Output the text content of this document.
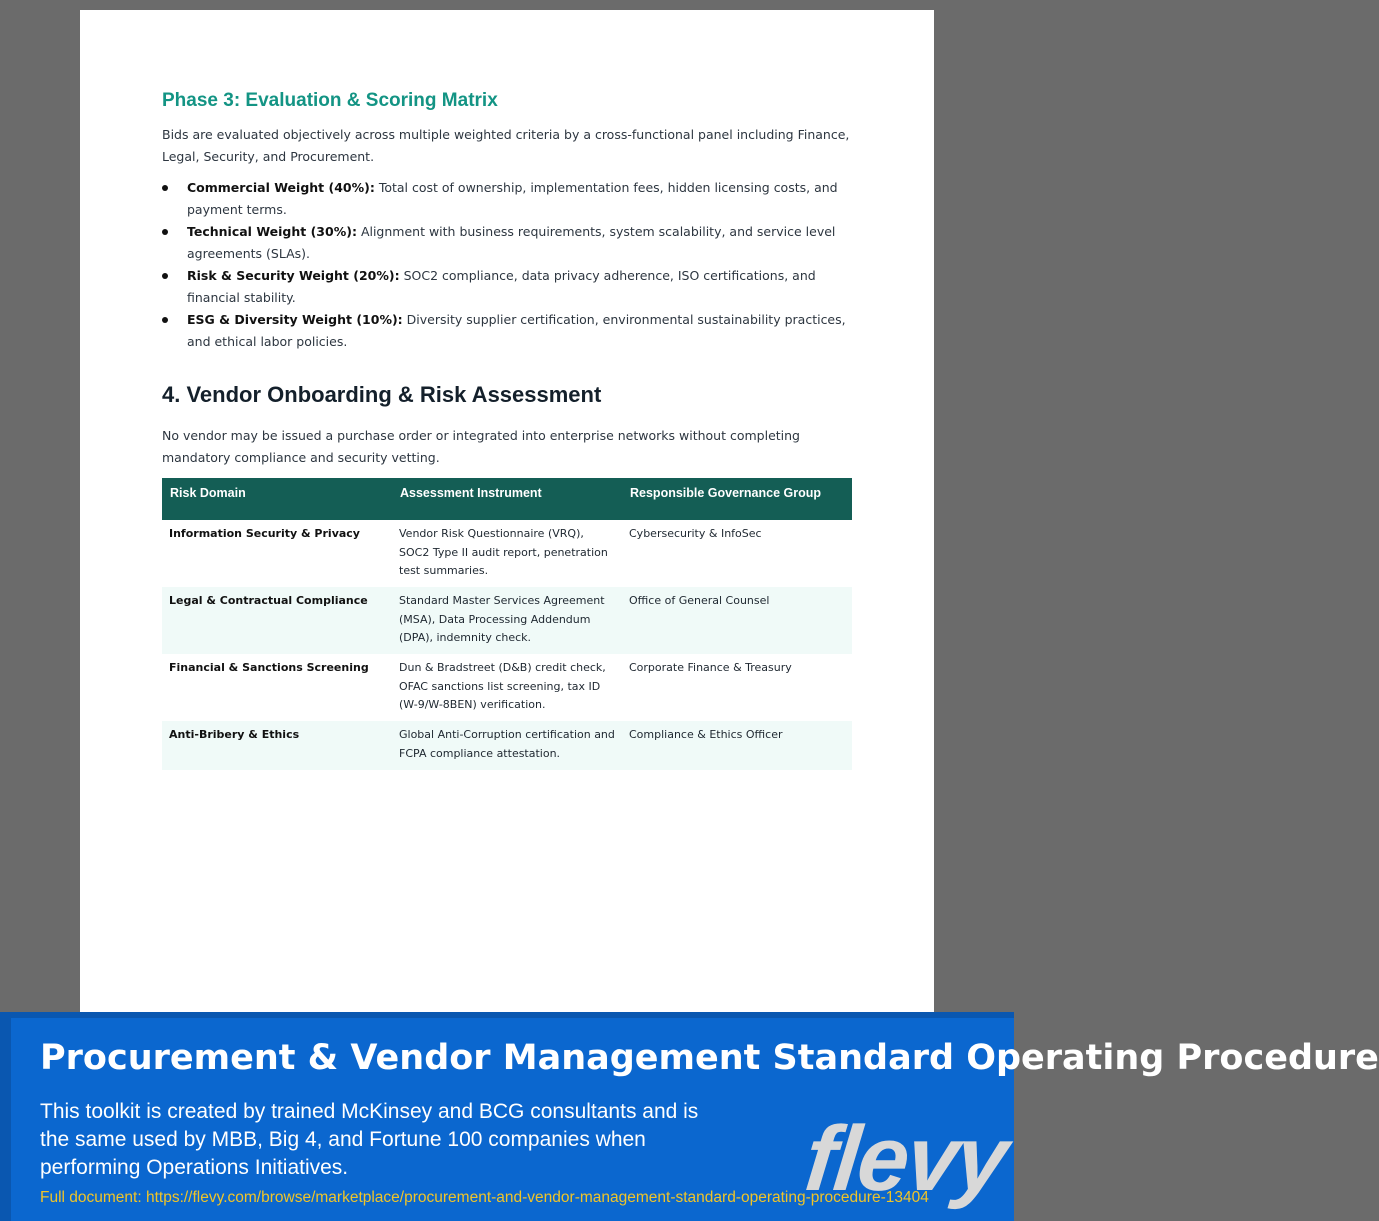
Phase 3: Evaluation & Scoring Matrix

Bids are evaluated objectively across multiple weighted criteria by a cross-functional panel including Finance, Legal, Security, and Procurement.

Commercial Weight (40%): Total cost of ownership, implementation fees, hidden licensing costs, and payment terms.
Technical Weight (30%): Alignment with business requirements, system scalability, and service level agreements (SLAs).
Risk & Security Weight (20%): SOC2 compliance, data privacy adherence, ISO certifications, and financial stability.
ESG & Diversity Weight (10%): Diversity supplier certification, environmental sustainability practices, and ethical labor policies.
4. Vendor Onboarding & Risk Assessment

No vendor may be issued a purchase order or integrated into enterprise networks without completing mandatory compliance and security vetting.

Risk Domain	Assessment Instrument	Responsible Governance Group
Information Security & Privacy	Vendor Risk Questionnaire (VRQ), SOC2 Type II audit report, penetration test summaries.	Cybersecurity & InfoSec
Legal & Contractual Compliance	Standard Master Services Agreement (MSA), Data Processing Addendum (DPA), indemnity check.	Office of General Counsel
Financial & Sanctions Screening	Dun & Bradstreet (D&B) credit check, OFAC sanctions list screening, tax ID (W-9/W-8BEN) verification.	Corporate Finance & Treasury
Anti-Bribery & Ethics	Global Anti-Corruption certification and FCPA compliance attestation.	Compliance & Ethics Officer
Procurement & Vendor Management Standard Operating Procedure

This toolkit is created by trained McKinsey and BCG consultants and is the same used by MBB, Big 4, and Fortune 100 companies when performing Operations Initiatives.

Full document: https://flevy.com/browse/marketplace/procurement-and-vendor-management-standard-operating-procedure-13404

flevy
